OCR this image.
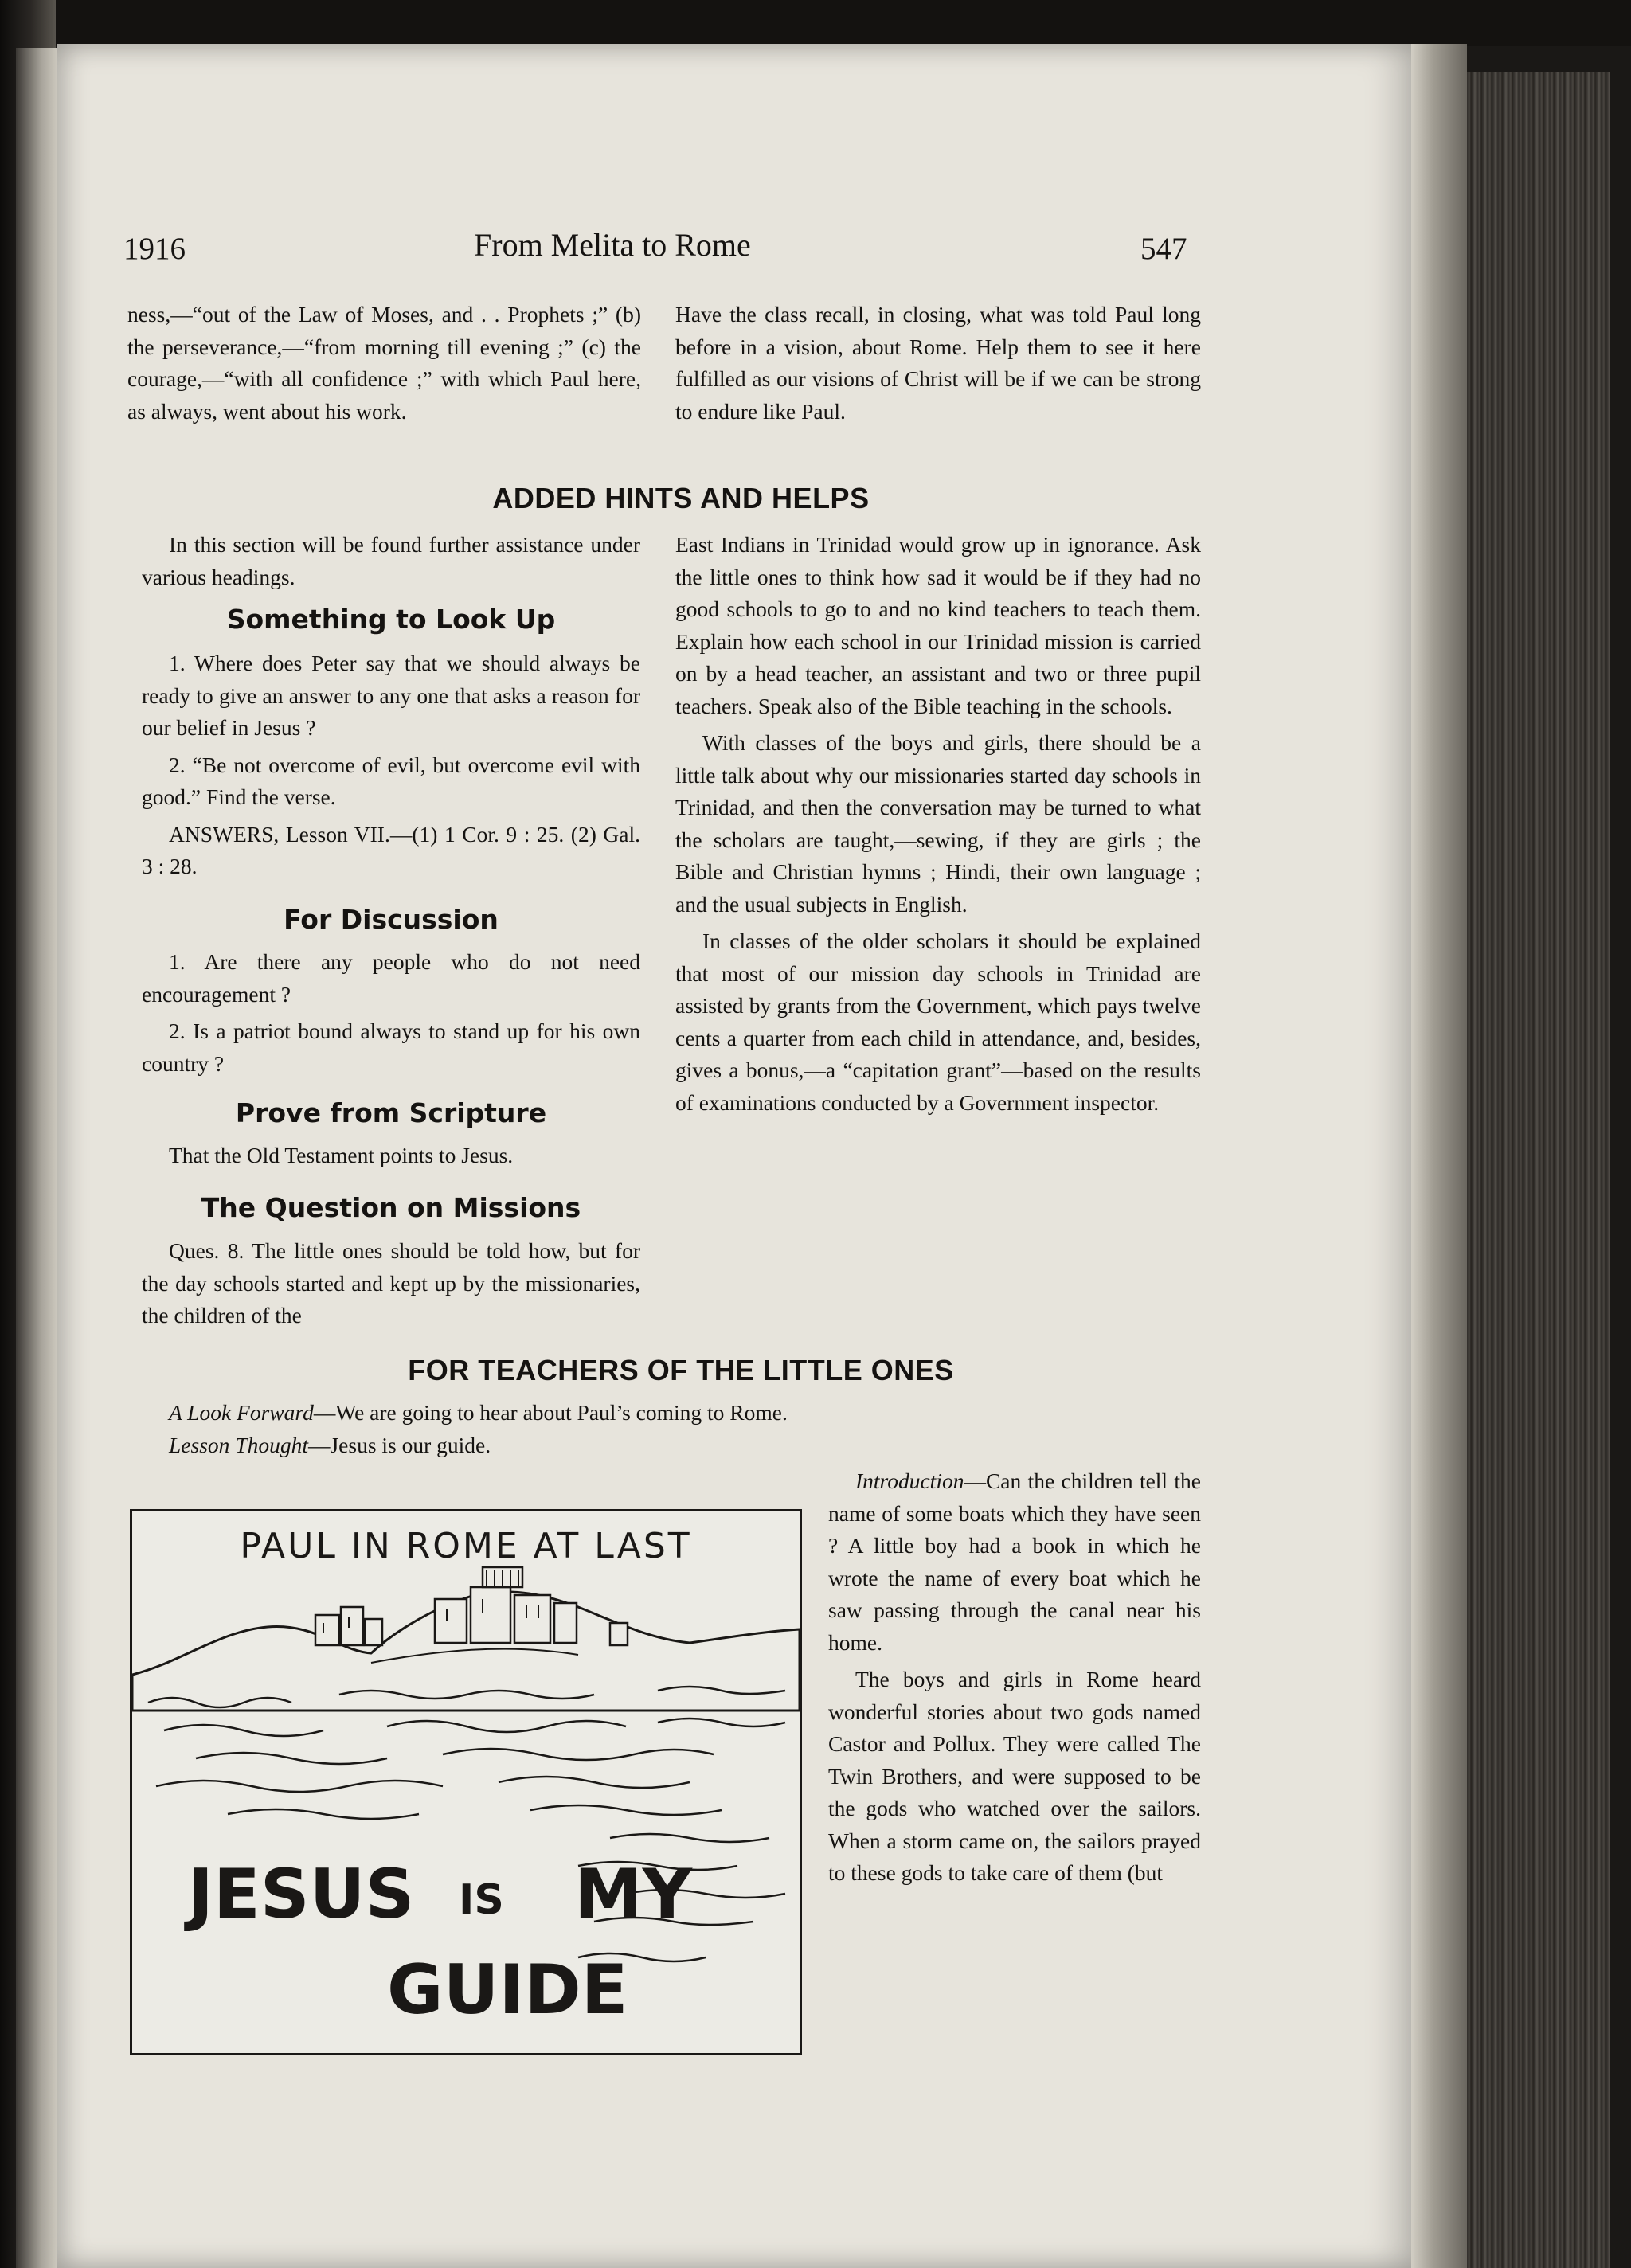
1916	From Melita to Rome	547

ness,—“out of the Law of Moses, and . . Prophets ;” (b) the perseverance,—“from morning till evening ;” (c) the courage,—“with all confidence ;” with which Paul here, as always, went about his work.

Have the class recall, in closing, what was told Paul long before in a vision, about Rome. Help them to see it here fulfilled as our visions of Christ will be if we can be strong to endure like Paul.

ADDED HINTS AND HELPS

In this section will be found further assistance under various headings.

Something to Look Up

1. Where does Peter say that we should always be ready to give an answer to any one that asks a reason for our belief in Jesus ?

2. “Be not overcome of evil, but overcome evil with good.” Find the verse.

ANSWERS, Lesson VII.—(1) 1 Cor. 9 : 25. (2) Gal. 3 : 28.

For Discussion

1. Are there any people who do not need encouragement ?

2. Is a patriot bound always to stand up for his own country ?

Prove from Scripture

That the Old Testament points to Jesus.

The Question on Missions

Ques. 8. The little ones should be told how, but for the day schools started and kept up by the missionaries, the children of the

East Indians in Trinidad would grow up in ignorance. Ask the little ones to think how sad it would be if they had no good schools to go to and no kind teachers to teach them. Explain how each school in our Trinidad mission is carried on by a head teacher, an assistant and two or three pupil teachers. Speak also of the Bible teaching in the schools.

With classes of the boys and girls, there should be a little talk about why our missionaries started day schools in Trinidad, and then the conversation may be turned to what the scholars are taught,—sewing, if they are girls ; the Bible and Christian hymns ; Hindi, their own language ; and the usual subjects in English.

In classes of the older scholars it should be explained that most of our mission day schools in Trinidad are assisted by grants from the Government, which pays twelve cents a quarter from each child in attendance, and, besides, gives a bonus,—a “capitation grant”—based on the results of examinations conducted by a Government inspector.

FOR TEACHERS OF THE LITTLE ONES
A Look Forward—We are going to hear about Paul’s coming to Rome.
Lesson Thought—Jesus is our guide.

Introduction—Can the children tell the name of some boats which they have seen ? A little boy had a book in which he wrote the name of every boat which he saw passing through the canal near his home.

The boys and girls in Rome heard wonderful stories about two gods named Castor and Pollux. They were called The Twin Brothers, and were supposed to be the gods who watched over the sailors. When a storm came on, the sailors prayed to these gods to take care of them (but

PAUL IN ROME AT LAST
JESUS IS MY
GUIDE
